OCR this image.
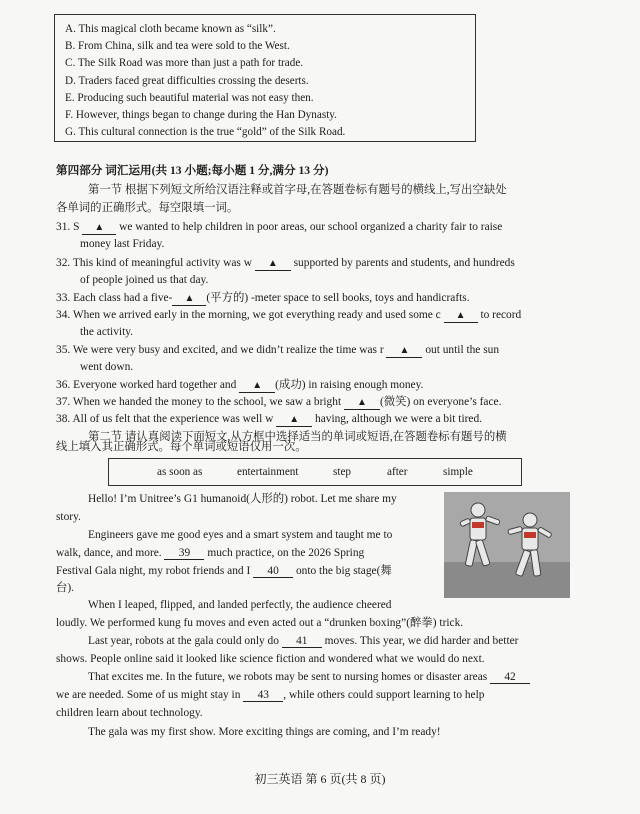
A. This magical cloth became known as “silk”.
B. From China, silk and tea were sold to the West.
C. The Silk Road was more than just a path for trade.
D. Traders faced great difficulties crossing the deserts.
E. Producing such beautiful material was not easy then.
F. However, things began to change during the Han Dynasty.
G. This cultural connection is the true “gold” of the Silk Road.
第四部分 词汇运用(共 13 小题;每小题 1 分,满分 13 分)
第一节 根据下列短文所给汉语注释或首字母,在答题卷标有题号的横线上,写出空缺处
各单词的正确形式。每空限填一词。
31. S ▲ we wanted to help children in poor areas, our school organized a charity fair to raise
money last Friday.
32. This kind of meaningful activity was w ▲ supported by parents and students, and hundreds
of people joined us that day.
33. Each class had a five- ▲ (平方的) -meter space to sell books, toys and handicrafts.
34. When we arrived early in the morning, we got everything ready and used some c ▲ to record
the activity.
35. We were very busy and excited, and we didn’t realize the time was r ▲ out until the sun
went down.
36. Everyone worked hard together and ▲ (成功) in raising enough money.
37. When we handed the money to the school, we saw a bright ▲ (微笑) on everyone’s face.
38. All of us felt that the experience was well w ▲ having, although we were a bit tired.
第二节 请认真阅读下面短文,从方框中选择适当的单词或短语,在答题卷标有题号的横
线上填入其正确形式。每个单词或短语仅用一次。
as soon as	entertainment	step	after	simple
Hello! I’m Unitree’s G1 humanoid(人形的) robot. Let me share my
story.
Engineers gave me good eyes and a smart system and taught me to
walk, dance, and more. 39 much practice, on the 2026 Spring
Festival Gala night, my robot friends and I 40 onto the big stage(舞
台).
When I leaped, flipped, and landed perfectly, the audience cheered
loudly. We performed kung fu moves and even acted out a “drunken boxing”(醉拳) trick.
Last year, robots at the gala could only do 41 moves. This year, we did harder and better
shows. People online said it looked like science fiction and wondered what we would do next.
That excites me. In the future, we robots may be sent to nursing homes or disaster areas 42
we are needed. Some of us might stay in 43 , while others could support learning to help
children learn about technology.
The gala was my first show. More exciting things are coming, and I’m ready!
初三英语 第 6 页(共 8 页)
